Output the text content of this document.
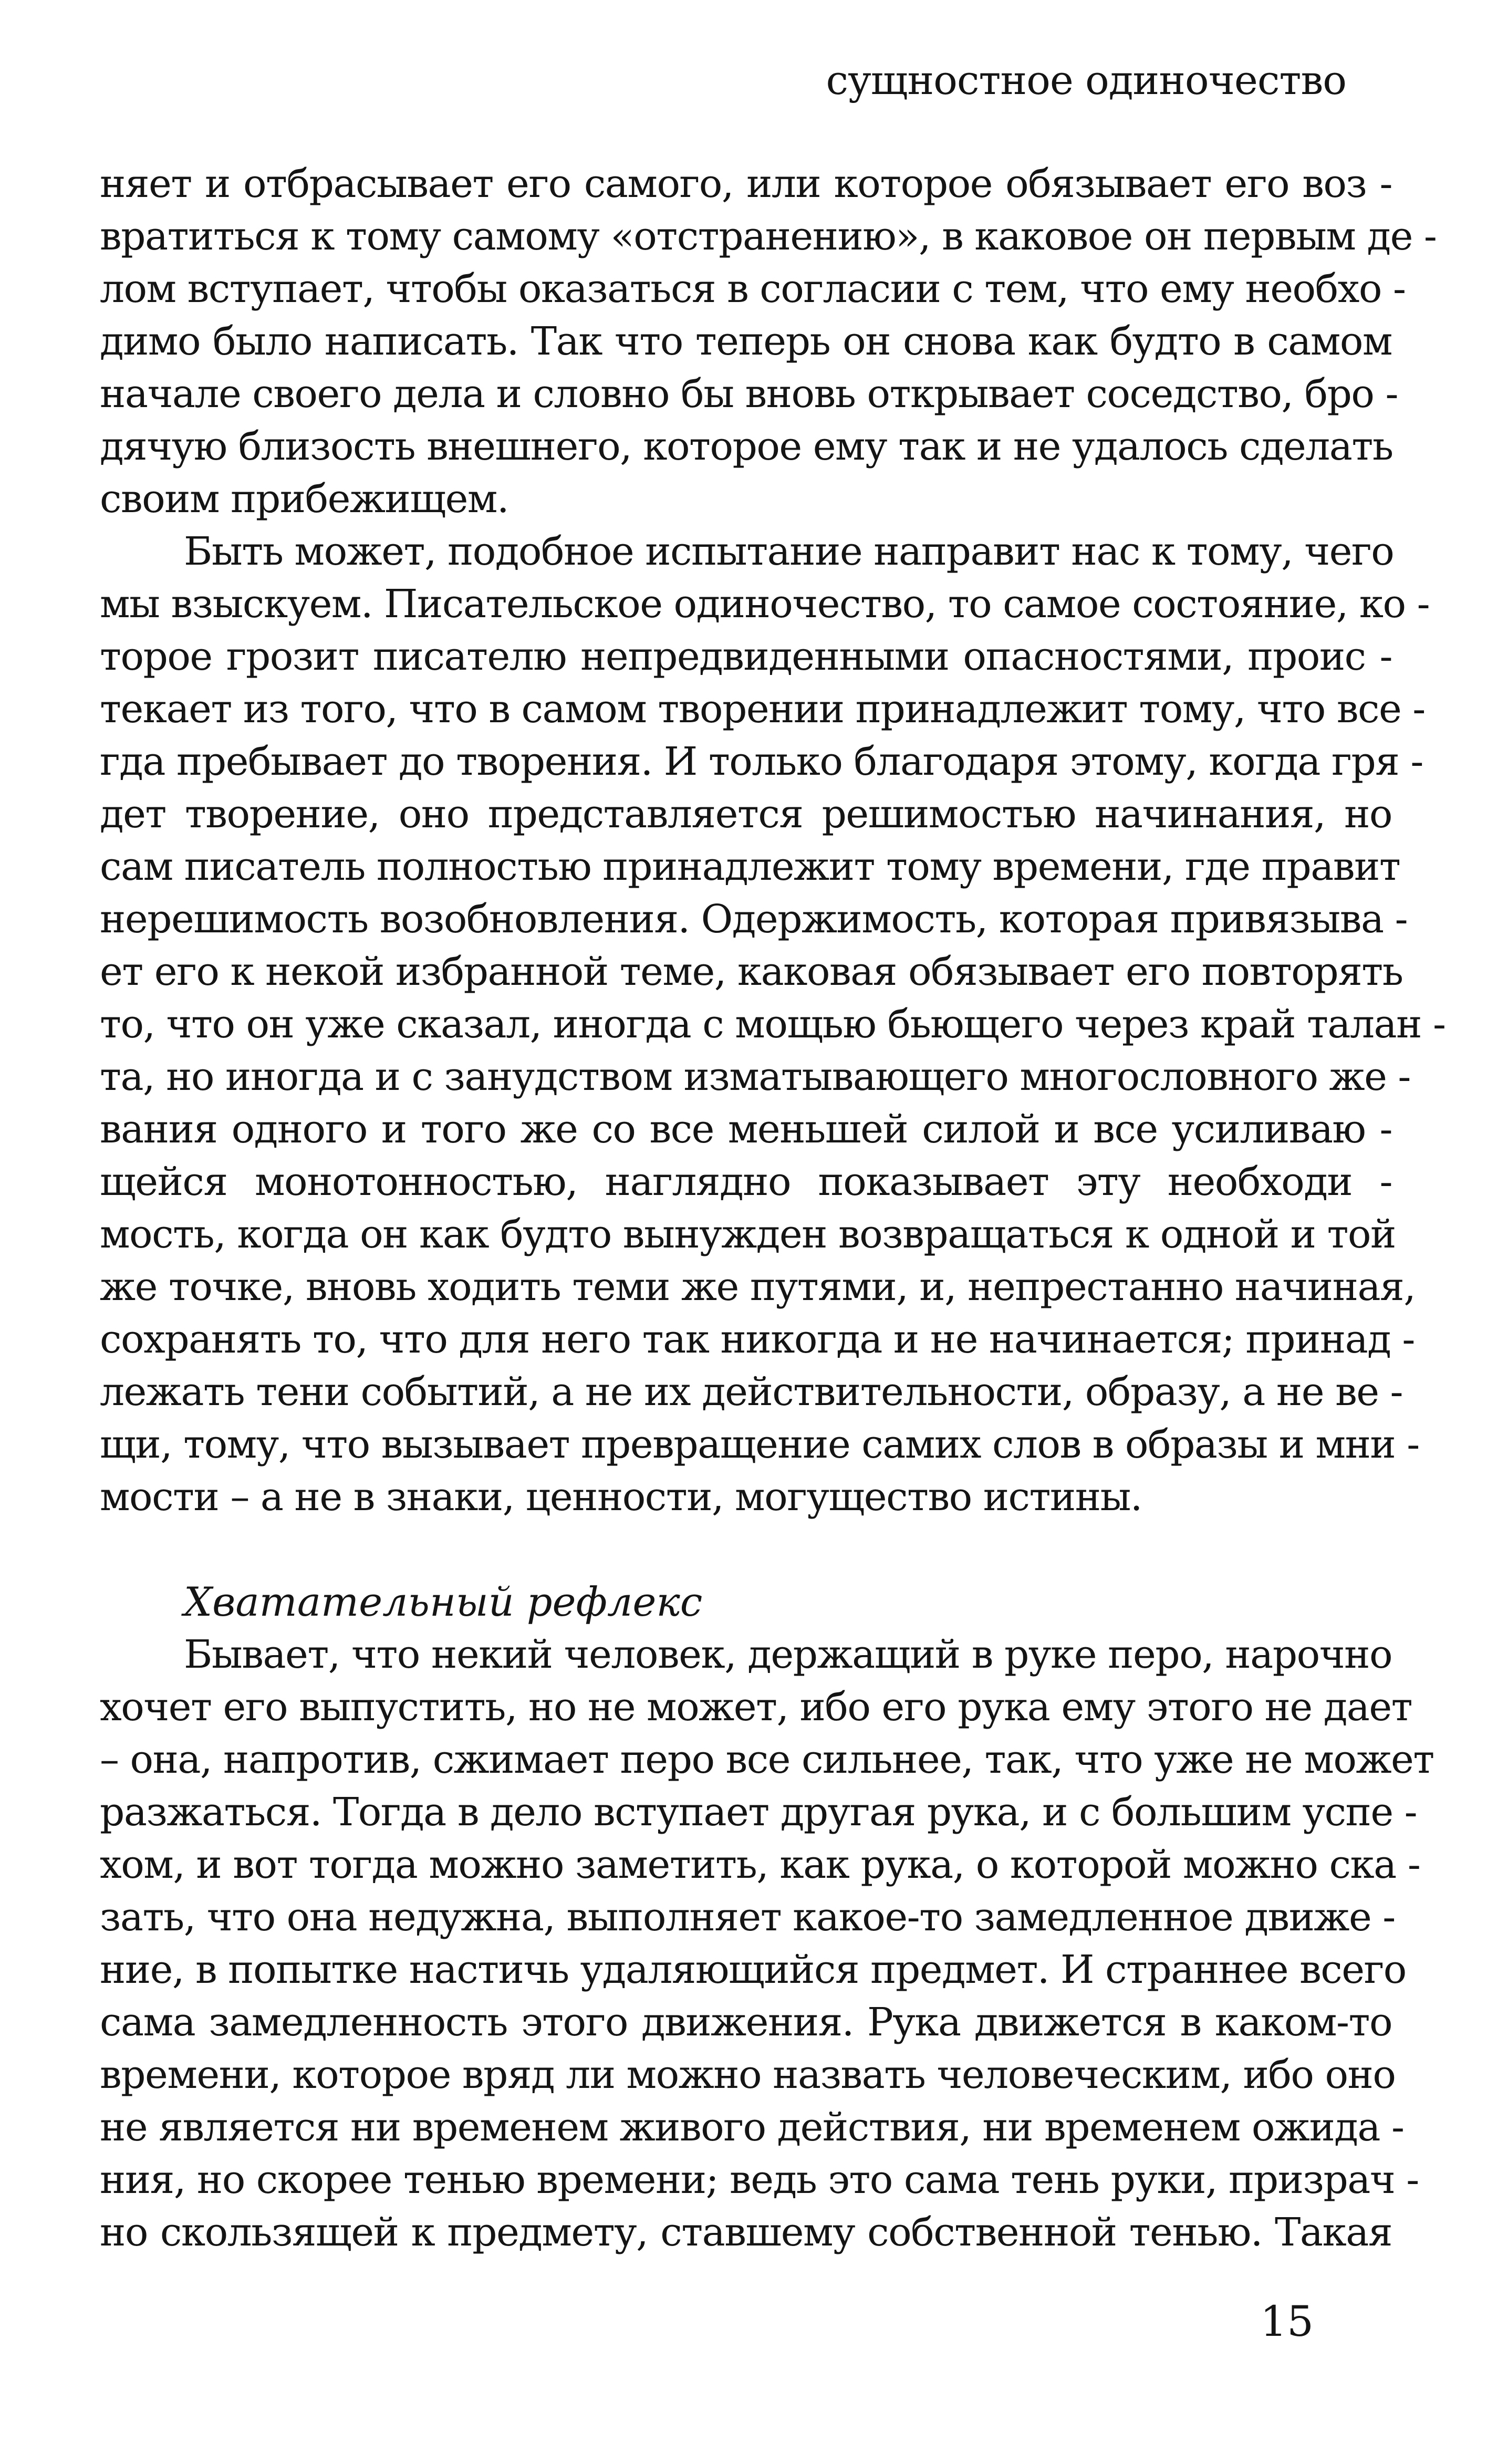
сущностное одиночество
няет и отбрасывает его самого, или которое обязывает его воз -
вратиться к тому самому «отстранению», в каковое он первым де -
лом вступает, чтобы оказаться в согласии с тем, что ему необхо -
димо было написать. Так что теперь он снова как будто в самом
начале своего дела и словно бы вновь открывает соседство, бро -
дячую близость внешнего, которое ему так и не удалось сделать
своим прибежищем.
Быть может, подобное испытание направит нас к тому, чего
мы взыскуем. Писательское одиночество, то самое состояние, ко -
торое грозит писателю непредвиденными опасностями, проис -
текает из того, что в самом творении принадлежит тому, что все -
гда пребывает до творения. И только благодаря этому, когда гря -
дет творение, оно представляется решимостью начинания, но
сам писатель полностью принадлежит тому времени, где правит
нерешимость возобновления. Одержимость, которая привязыва -
ет его к некой избранной теме, каковая обязывает его повторять
то, что он уже сказал, иногда с мощью бьющего через край талан -
та, но иногда и с занудством изматывающего многословного же -
вания одного и того же со все меньшей силой и все усиливаю -
щейся монотонностью, наглядно показывает эту необходи -
мость, когда он как будто вынужден возвращаться к одной и той
же точке, вновь ходить теми же путями, и, непрестанно начиная,
сохранять то, что для него так никогда и не начинается; принад -
лежать тени событий, а не их действительности, образу, а не ве -
щи, тому, что вызывает превращение самих слов в образы и мни -
мости – а не в знаки, ценности, могущество истины.
Хватательный рефлекс
Бывает, что некий человек, держащий в руке перо, нарочно
хочет его выпустить, но не может, ибо его рука ему этого не дает
– она, напротив, сжимает перо все сильнее, так, что уже не может
разжаться. Тогда в дело вступает другая рука, и с большим успе -
хом, и вот тогда можно заметить, как рука, о которой можно ска -
зать, что она недужна, выполняет какое-то замедленное движе -
ние, в попытке настичь удаляющийся предмет. И страннее всего
сама замедленность этого движения. Рука движется в каком-то
времени, которое вряд ли можно назвать человеческим, ибо оно
не является ни временем живого действия, ни временем ожида -
ния, но скорее тенью времени; ведь это сама тень руки, призрач -
но скользящей к предмету, ставшему собственной тенью. Такая
15
